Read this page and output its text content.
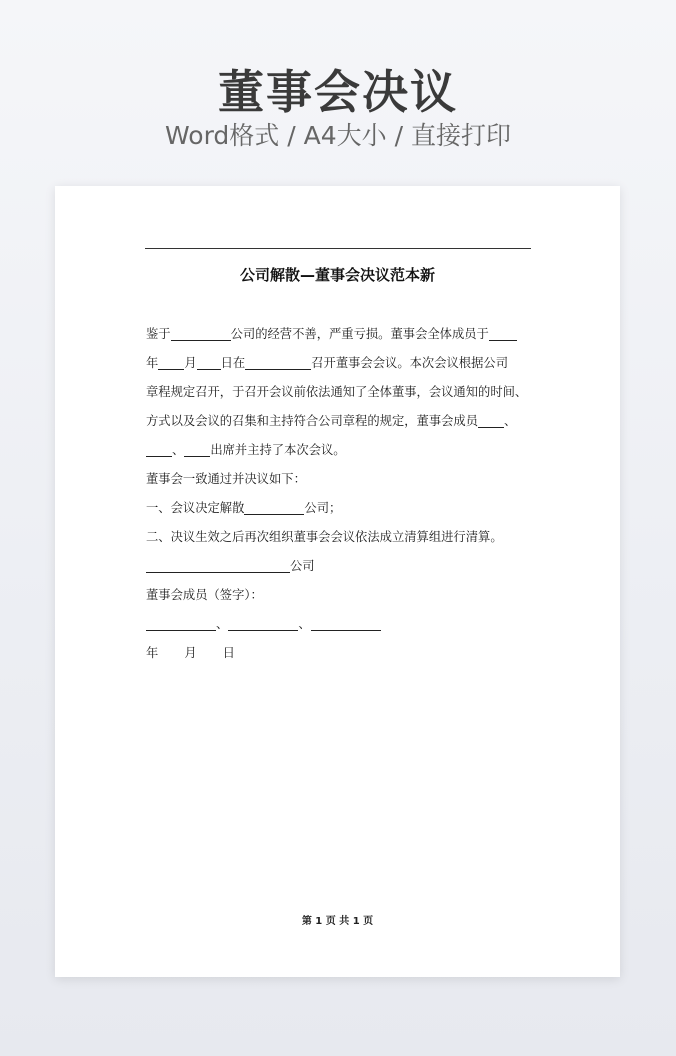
董事会决议
Word格式 / A4大小 / 直接打印
公司解散—董事会决议范本新
鉴于	公司的经营不善，严重亏损。董事会全体成员于
年 月 日在	召开董事会会议。本次会议根据公司
章程规定召开，于召开会议前依法通知了全体董事，会议通知的时间、
方式以及会议的召集和主持符合公司章程的规定，董事会成员 、
、 出席并主持了本次会议。
董事会一致通过并决议如下：
一、会议决定解散	公司；
二、决议生效之后再次组织董事会会议依法成立清算组进行清算。
公司
董事会成员（签字）：
、	、
年 月 日
第 1 页 共 1 页
